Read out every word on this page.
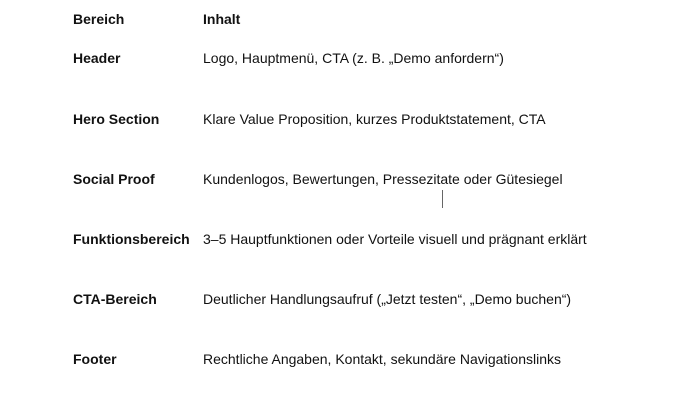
Bereich	Inhalt
Header	Logo, Hauptmenü, CTA (z. B. „Demo anfordern“)
Hero Section	Klare Value Proposition, kurzes Produktstatement, CTA
Social Proof	Kundenlogos, Bewertungen, Pressezitate oder Gütesiegel
Funktionsbereich 3–5 Hauptfunktionen oder Vorteile visuell und prägnant erklärt
CTA-Bereich	Deutlicher Handlungsaufruf („Jetzt testen“, „Demo buchen“)
Footer	Rechtliche Angaben, Kontakt, sekundäre Navigationslinks
